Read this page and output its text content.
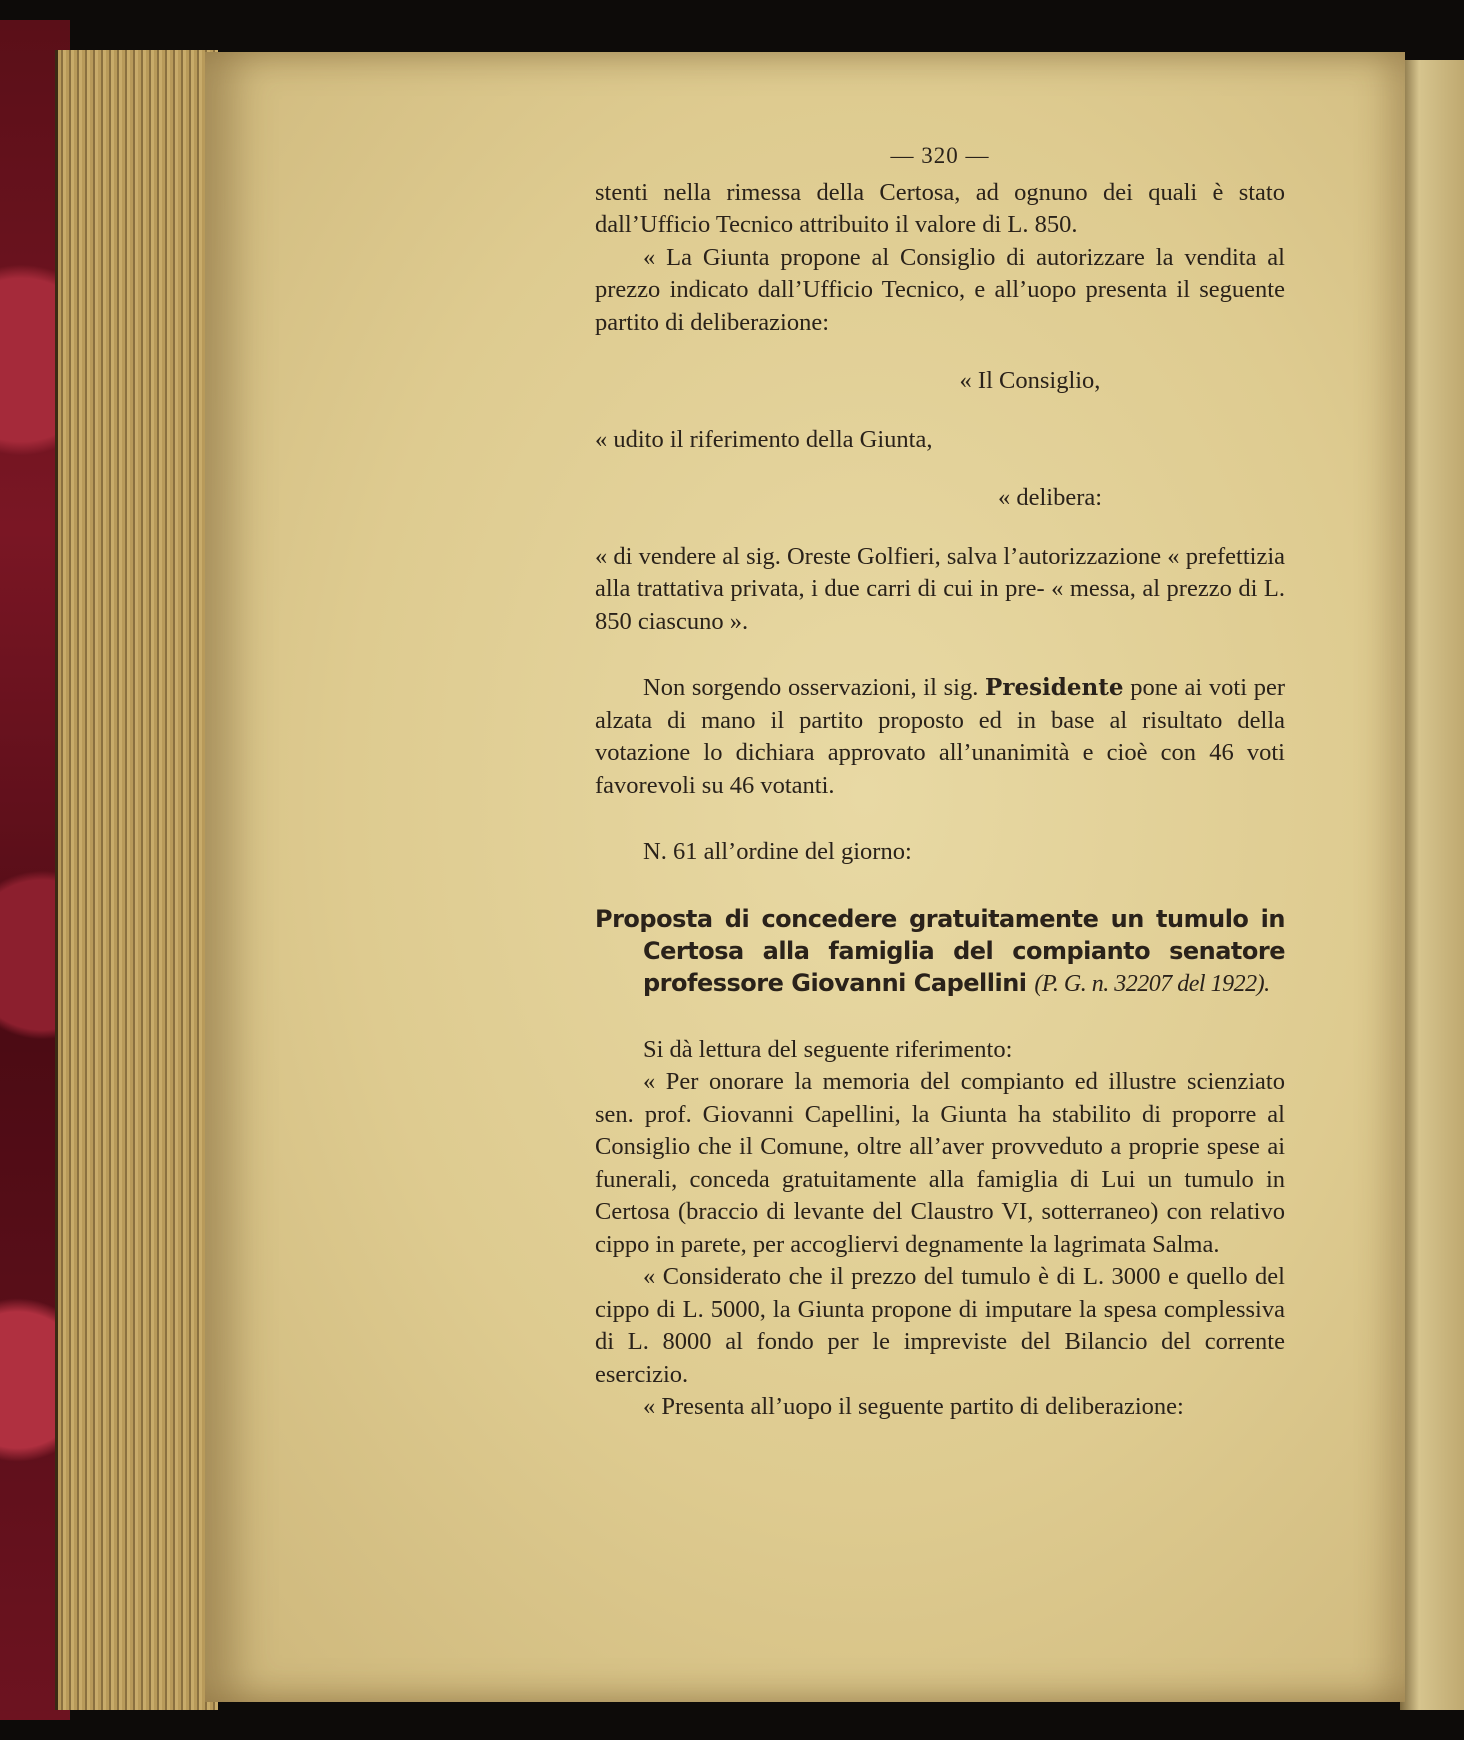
— 320 —

stenti nella rimessa della Certosa, ad ognuno dei quali è stato dall’Ufficio Tecnico attribuito il valore di L. 850.

« La Giunta propone al Consiglio di autorizzare la vendita al prezzo indicato dall’Ufficio Tecnico, e all’uopo presenta il seguente partito di deliberazione:

« Il Consiglio,

« udito il riferimento della Giunta,

« delibera:

« di vendere al sig. Oreste Golfieri, salva l’autorizzazione « prefettizia alla trattativa privata, i due carri di cui in pre- « messa, al prezzo di L. 850 ciascuno ».

Non sorgendo osservazioni, il sig. Presidente pone ai voti per alzata di mano il partito proposto ed in base al risultato della votazione lo dichiara approvato all’unanimità e cioè con 46 voti favorevoli su 46 votanti.

N. 61 all’ordine del giorno:

Proposta di concedere gratuitamente un tumulo in Certosa alla famiglia del compianto senatore professore Giovanni Capellini (P. G. n. 32207 del 1922).

Si dà lettura del seguente riferimento:

« Per onorare la memoria del compianto ed illustre scienziato sen. prof. Giovanni Capellini, la Giunta ha stabilito di proporre al Consiglio che il Comune, oltre all’aver provveduto a proprie spese ai funerali, conceda gratuitamente alla famiglia di Lui un tumulo in Certosa (braccio di levante del Claustro VI, sotterraneo) con relativo cippo in parete, per accogliervi degnamente la lagrimata Salma.

« Considerato che il prezzo del tumulo è di L. 3000 e quello del cippo di L. 5000, la Giunta propone di imputare la spesa complessiva di L. 8000 al fondo per le impreviste del Bilancio del corrente esercizio.

« Presenta all’uopo il seguente partito di deliberazione:
